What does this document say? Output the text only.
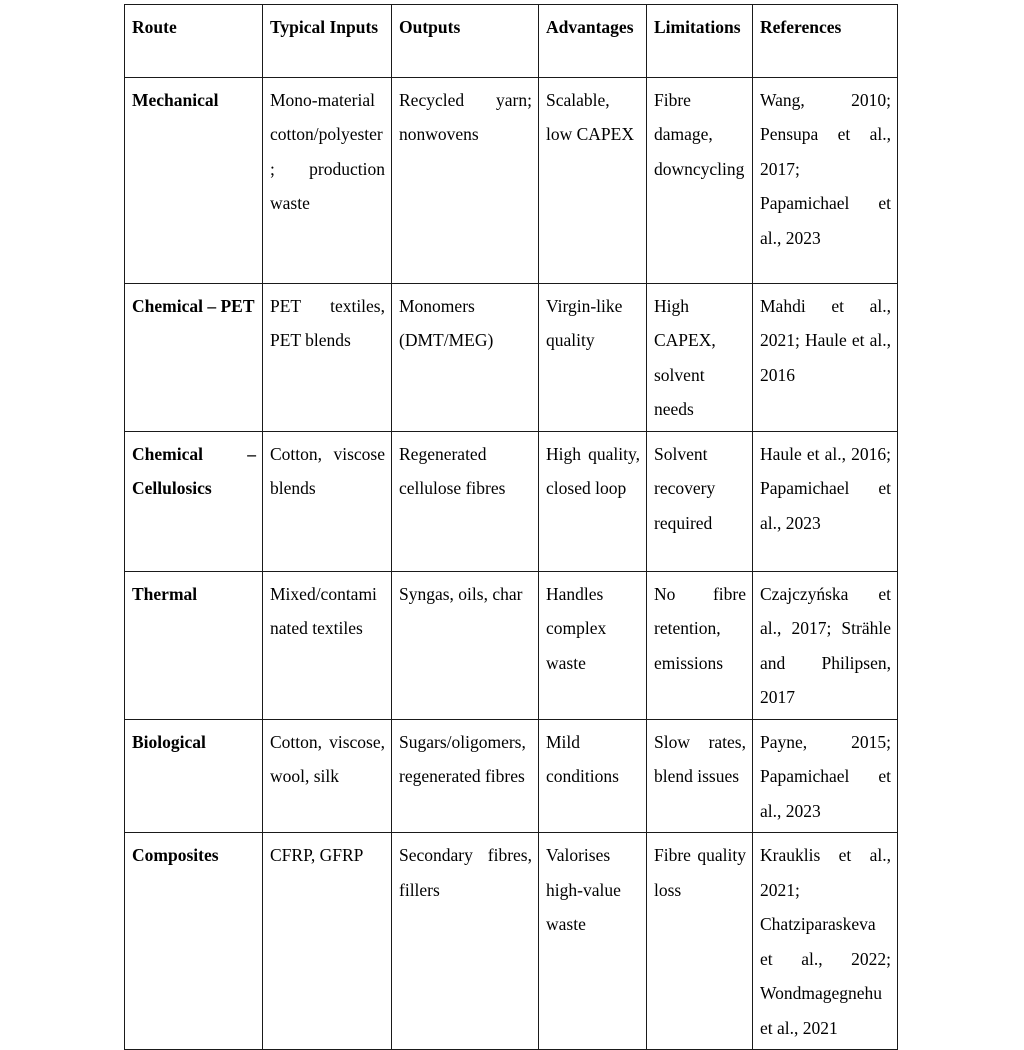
Route	Typical Inputs	Outputs	Advantages	Limitations	References
Mechanical	Mono-material cotton/polyester; production waste	Recycled yarn; nonwovens	Scalable, low CAPEX	Fibre damage, downcycling	Wang, 2010; Pensupa et al., 2017; Papamichael et al., 2023
Chemical – PET	PET textiles, PET blends	Monomers (DMT/MEG)	Virgin-like quality	High CAPEX, solvent needs	Mahdi et al., 2021; Haule et al., 2016
Chemical – Cellulosics	Cotton, viscose blends	Regenerated cellulose fibres	High quality, closed loop	Solvent recovery required	Haule et al., 2016; Papamichael et al., 2023
Thermal	Mixed/contaminated textiles	Syngas, oils, char	Handles complex waste	No fibre retention, emissions	Czajczyńska et al., 2017; Strähle and Philipsen, 2017
Biological	Cotton, viscose, wool, silk	Sugars/oligomers, regenerated fibres	Mild conditions	Slow rates, blend issues	Payne, 2015; Papamichael et al., 2023
Composites	CFRP, GFRP	Secondary fibres, fillers	Valorises high-value waste	Fibre quality loss	Krauklis et al., 2021; Chatziparaskeva et al., 2022; Wondmagegnehu et al., 2021
